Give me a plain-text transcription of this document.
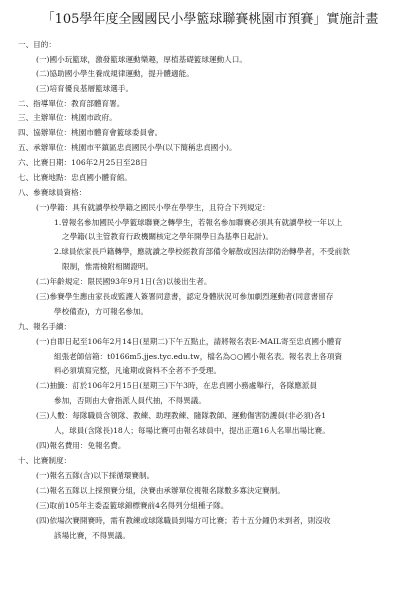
「105學年度全國國民小學籃球聯賽桃園市預賽」實施計畫
一、目的：
(一)國小玩籃球，激發籃球運動樂趣，厚植基礎籃球運動人口。
(二)協助國小學生養成規律運動，提升體適能。
(三)培育優良基層籃球選手。
二、指導單位：教育部體育署。
三、主辦單位：桃園市政府。
四、協辦單位：桃園市體育會籃球委員會。
五、承辦單位：桃園市平鎮區忠貞國民小學(以下簡稱忠貞國小)。
六、比賽日期：106年2月25日至28日
七、比賽地點：忠貞國小體育館。
八、參賽球員資格：
(一)學籍：具有就讀學校學籍之國民小學在學學生，且符合下列規定：
1.曾報名參加國民小學籃球聯賽之轉學生，若報名參加聯賽必須具有就讀學校一年以上
之學籍(以主管教育行政機關核定之學年開學日為基準日起計)。
2.球員依家長戶籍轉學，應就讀之學校經教育部備令解散或因法律防治轉學者，不受前款
限制，惟需檢附相關證明。
(二)年齡規定：限民國93年9月1日(含)以後出生者。
(三)參賽學生應由家長或監護人簽署同意書，認定身體狀況可參加劇烈運動者(同意書留存
學校備查)，方可報名參加。
九、報名手續：
(一)自即日起至106年2月14日(星期二)下午五點止，請將報名表E-MAIL寄至忠貞國小體育
組張老師信箱：t0166m5.jjes.tyc.edu.tw，檔名為○○國小報名表。報名表上各項資
料必須填寫完整，凡逾期或資料不全者不予受理。
(二)抽籤：訂於106年2月15日(星期三)下午3時，在忠貞國小務處舉行，各隊應派員
參加，否則由大會指派人員代抽，不得異議。
(三)人數：每隊職員含領隊、教練、助理教練、隨隊教師、運動傷害防護員(非必須)各1
人，球員(含隊長)18人；每場比賽可由報名球員中，提出正選16人名單出場比賽。
(四)報名費用：免報名費。
十、比賽制度：
(一)報名五隊(含)以下採循環賽制。
(二)報名五隊以上採預賽分組，決賽由承辦單位視報名隊數多寡決定賽制。
(三)取前105年主委盃籃球錦標賽前4名得列分組種子隊。
(四)依場次賽開賽時，需有教練或球隊職員到場方可比賽；若十五分鐘仍未到者，則沒收
該場比賽，不得異議。
